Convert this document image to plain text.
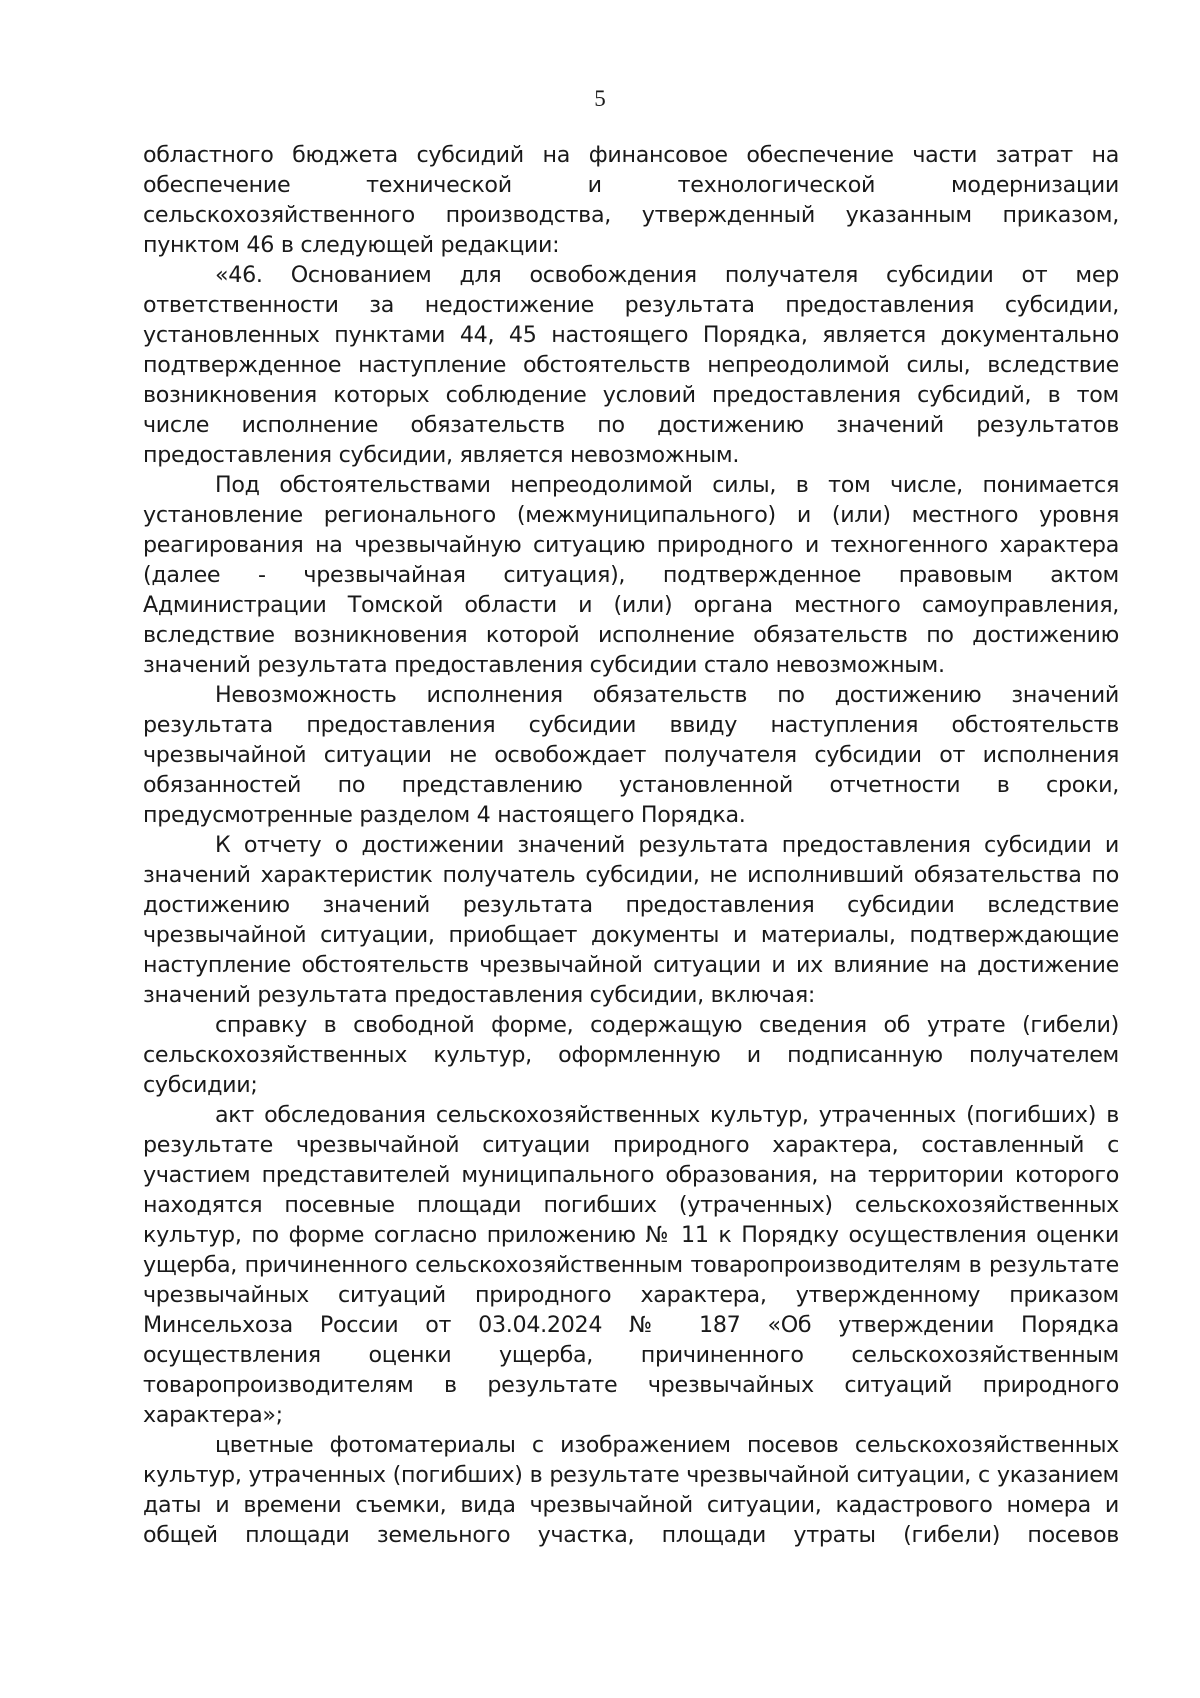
5

областного бюджета субсидий на финансовое обеспечение части затрат на обеспечение технической и технологической модернизации сельскохозяйственного производства, утвержденный указанным приказом, пунктом 46 в следующей редакции:

«46. Основанием для освобождения получателя субсидии от мер ответственности за недостижение результата предоставления субсидии, установленных пунктами 44, 45 настоящего Порядка, является документально подтвержденное наступление обстоятельств непреодолимой силы, вследствие возникновения которых соблюдение условий предоставления субсидий, в том числе исполнение обязательств по достижению значений результатов предоставления субсидии, является невозможным.

Под обстоятельствами непреодолимой силы, в том числе, понимается установление регионального (межмуниципального) и (или) местного уровня реагирования на чрезвычайную ситуацию природного и техногенного характера (далее - чрезвычайная ситуация), подтвержденное правовым актом Администрации Томской области и (или) органа местного самоуправления, вследствие возникновения которой исполнение обязательств по достижению значений результата предоставления субсидии стало невозможным.

Невозможность исполнения обязательств по достижению значений результата предоставления субсидии ввиду наступления обстоятельств чрезвычайной ситуации не освобождает получателя субсидии от исполнения обязанностей по представлению установленной отчетности в сроки, предусмотренные разделом 4 настоящего Порядка.

К отчету о достижении значений результата предоставления субсидии и значений характеристик получатель субсидии, не исполнивший обязательства по достижению значений результата предоставления субсидии вследствие чрезвычайной ситуации, приобщает документы и материалы, подтверждающие наступление обстоятельств чрезвычайной ситуации и их влияние на достижение значений результата предоставления субсидии, включая:

справку в свободной форме, содержащую сведения об утрате (гибели) сельскохозяйственных культур, оформленную и подписанную получателем субсидии;

акт обследования сельскохозяйственных культур, утраченных (погибших) в результате чрезвычайной ситуации природного характера, составленный с участием представителей муниципального образования, на территории которого находятся посевные площади погибших (утраченных) сельскохозяйственных культур, по форме согласно приложению № 11 к Порядку осуществления оценки ущерба, причиненного сельскохозяйственным товаропроизводителям в результате чрезвычайных ситуаций природного характера, утвержденному приказом Минсельхоза России от 03.04.2024 № 187 «Об утверждении Порядка осуществления оценки ущерба, причиненного сельскохозяйственным товаропроизводителям в результате чрезвычайных ситуаций природного характера»;

цветные фотоматериалы с изображением посевов сельскохозяйственных культур, утраченных (погибших) в результате чрезвычайной ситуации, с указанием даты и времени съемки, вида чрезвычайной ситуации, кадастрового номера и общей площади земельного участка, площади утраты (гибели) посевов
